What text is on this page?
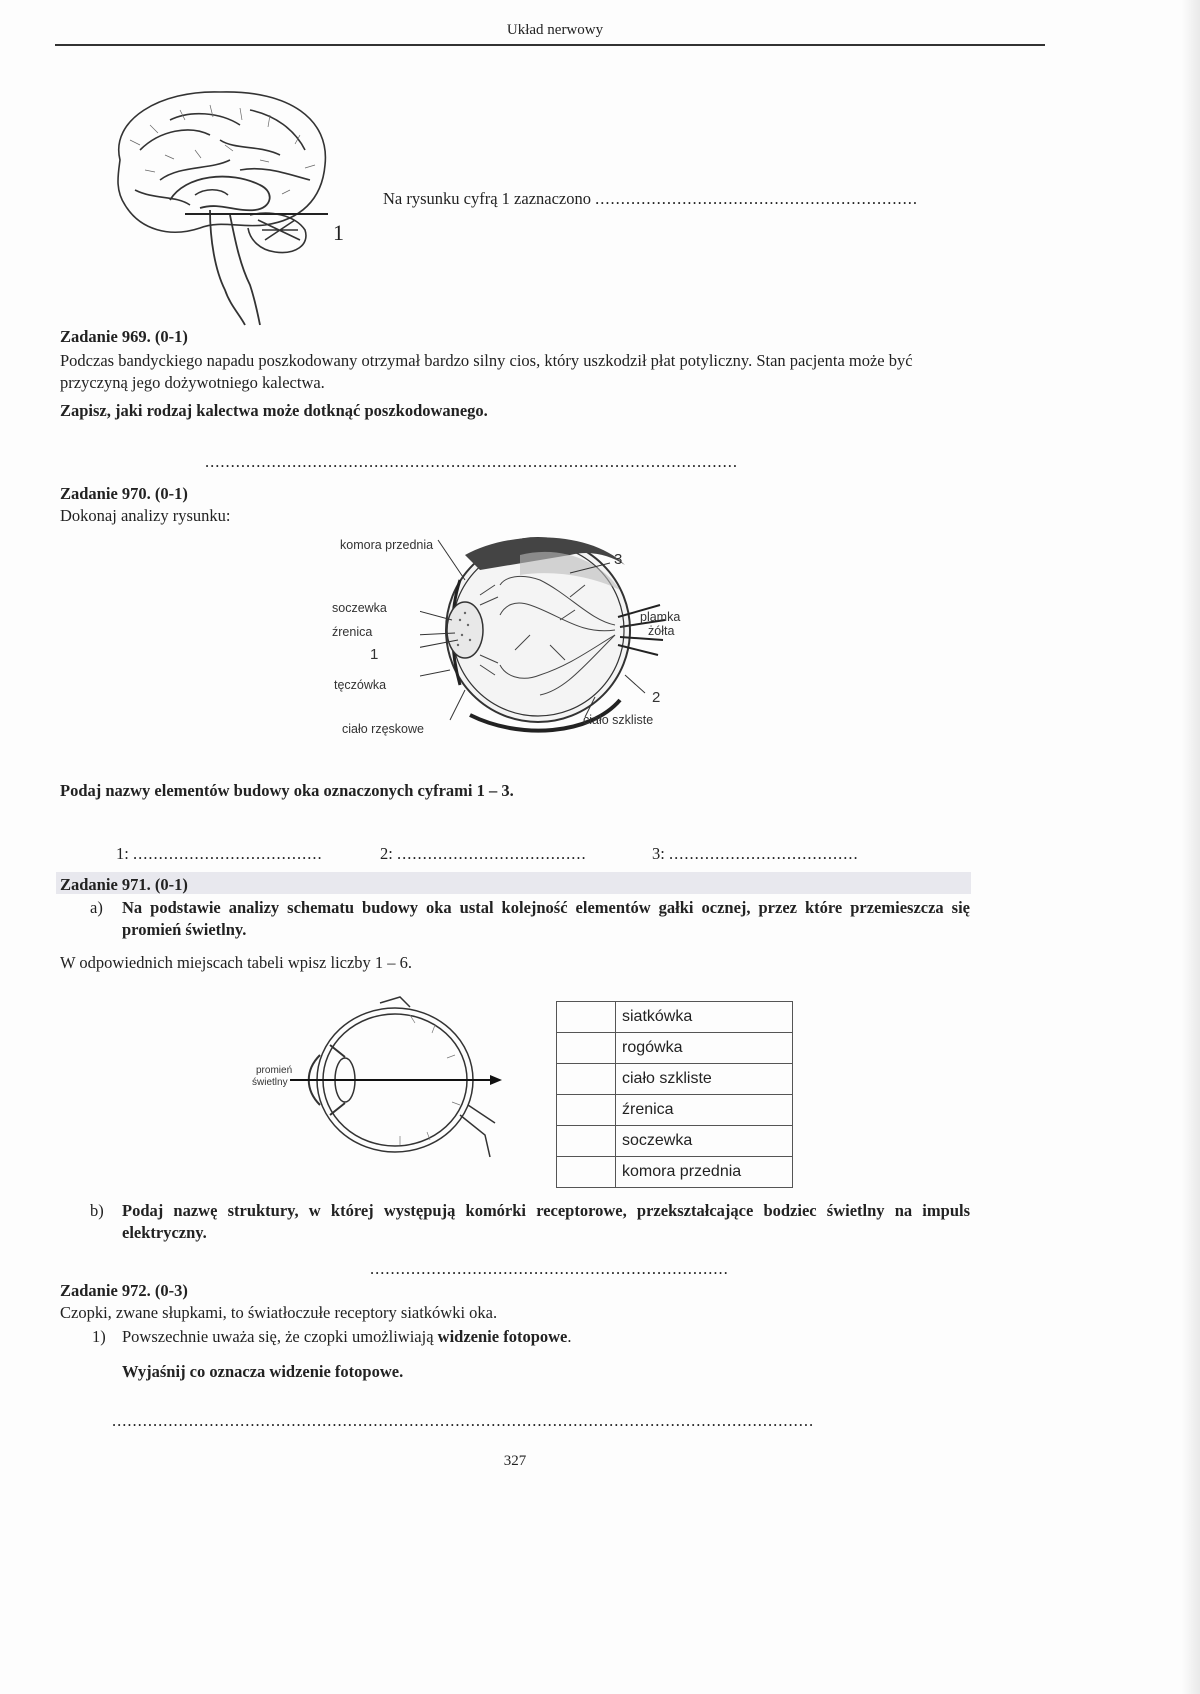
Układ nerwowy
1
Na rysunku cyfrą 1 zaznaczono ...............................................................
Zadanie 969. (0-1)
Podczas bandyckiego napadu poszkodowany otrzymał bardzo silny cios, który uszkodził płat potyliczny. Stan pacjenta może być przyczyną jego dożywotniego kalectwa.
Zapisz, jaki rodzaj kalectwa może dotknąć poszkodowanego.
........................................................................................................
Zadanie 970. (0-1)
Dokonaj analizy rysunku:
komora przednia
soczewka
źrenica
1
tęczówka
ciało rzęskowe
3
plamka
żółta
2
ciało szkliste
Podaj nazwy elementów budowy oka oznaczonych cyframi 1 – 3.
1: .....................................	2: .....................................	3: .....................................
Zadanie 971. (0-1)
a) Na podstawie analizy schematu budowy oka ustal kolejność elementów gałki ocznej, przez które przemieszcza się promień świetlny.
W odpowiednich miejscach tabeli wpisz liczby 1 – 6.
promień
świetlny
	siatkówka
	rogówka
	ciało szkliste
	źrenica
	soczewka
	komora przednia
b) Podaj nazwę struktury, w której występują komórki receptorowe, przekształcające bodziec świetlny na impuls elektryczny.
......................................................................
Zadanie 972. (0-3)
Czopki, zwane słupkami, to światłoczułe receptory siatkówki oka.
1) Powszechnie uważa się, że czopki umożliwiają widzenie fotopowe.
Wyjaśnij co oznacza widzenie fotopowe.
.........................................................................................................................................
327
